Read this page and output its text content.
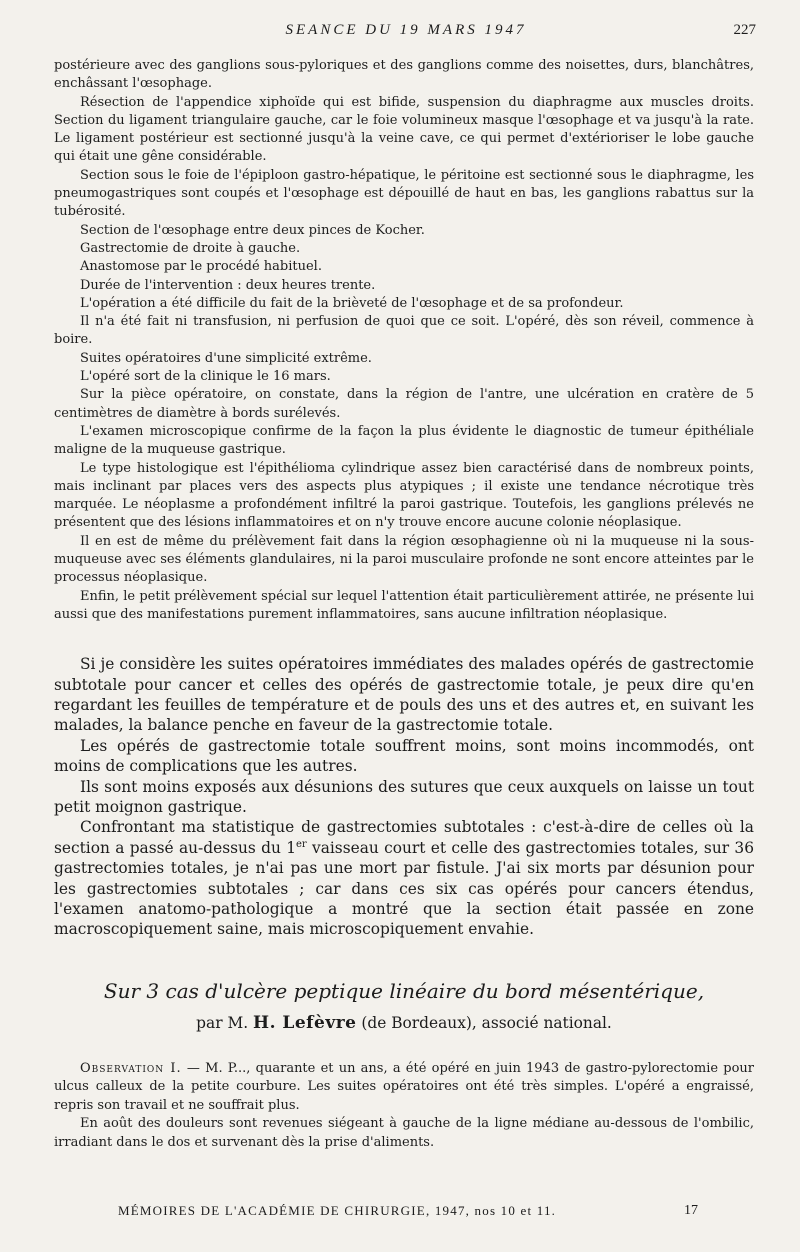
SEANCE DU 19 MARS 1947	227

postérieure avec des ganglions sous-pyloriques et des ganglions comme des noisettes, durs, blanchâtres, enchâssant l'œsophage.

Résection de l'appendice xiphoïde qui est bifide, suspension du diaphragme aux muscles droits. Section du ligament triangulaire gauche, car le foie volumineux masque l'œsophage et va jusqu'à la rate. Le ligament postérieur est sectionné jusqu'à la veine cave, ce qui permet d'extérioriser le lobe gauche qui était une gêne considérable.

Section sous le foie de l'épiploon gastro-hépatique, le péritoine est sectionné sous le diaphragme, les pneumogastriques sont coupés et l'œsophage est dépouillé de haut en bas, les ganglions rabattus sur la tubérosité.

Section de l'œsophage entre deux pinces de Kocher.

Gastrectomie de droite à gauche.

Anastomose par le procédé habituel.

Durée de l'intervention : deux heures trente.

L'opération a été difficile du fait de la brièveté de l'œsophage et de sa profondeur.

Il n'a été fait ni transfusion, ni perfusion de quoi que ce soit. L'opéré, dès son réveil, commence à boire.

Suites opératoires d'une simplicité extrême.

L'opéré sort de la clinique le 16 mars.

Sur la pièce opératoire, on constate, dans la région de l'antre, une ulcération en cratère de 5 centimètres de diamètre à bords surélevés.

L'examen microscopique confirme de la façon la plus évidente le diagnostic de tumeur épithéliale maligne de la muqueuse gastrique.

Le type histologique est l'épithélioma cylindrique assez bien caractérisé dans de nombreux points, mais inclinant par places vers des aspects plus atypiques ; il existe une tendance nécrotique très marquée. Le néoplasme a profondément infiltré la paroi gastrique. Toutefois, les ganglions prélevés ne présentent que des lésions inflammatoires et on n'y trouve encore aucune colonie néoplasique.

Il en est de même du prélèvement fait dans la région œsophagienne où ni la muqueuse ni la sous-muqueuse avec ses éléments glandulaires, ni la paroi musculaire profonde ne sont encore atteintes par le processus néoplasique.

Enfin, le petit prélèvement spécial sur lequel l'attention était particulièrement attirée, ne présente lui aussi que des manifestations purement inflammatoires, sans aucune infiltration néoplasique.

Si je considère les suites opératoires immédiates des malades opérés de gastrectomie subtotale pour cancer et celles des opérés de gastrectomie totale, je peux dire qu'en regardant les feuilles de température et de pouls des uns et des autres et, en suivant les malades, la balance penche en faveur de la gastrectomie totale.

Les opérés de gastrectomie totale souffrent moins, sont moins incommodés, ont moins de complications que les autres.

Ils sont moins exposés aux désunions des sutures que ceux auxquels on laisse un tout petit moignon gastrique.

Confrontant ma statistique de gastrectomies subtotales : c'est-à-dire de celles où la section a passé au-dessus du 1er vaisseau court et celle des gastrectomies totales, sur 36 gastrectomies totales, je n'ai pas une mort par fistule. J'ai six morts par désunion pour les gastrectomies subtotales ; car dans ces six cas opérés pour cancers étendus, l'examen anatomo-pathologique a montré que la section était passée en zone macroscopiquement saine, mais microscopiquement envahie.

Sur 3 cas d'ulcère peptique linéaire du bord mésentérique,
par M. H. Lefèvre (de Bordeaux), associé national.

Observation I. — M. P..., quarante et un ans, a été opéré en juin 1943 de gastro-pylorectomie pour ulcus calleux de la petite courbure. Les suites opératoires ont été très simples. L'opéré a engraissé, repris son travail et ne souffrait plus.

En août des douleurs sont revenues siégeant à gauche de la ligne médiane au-dessous de l'ombilic, irradiant dans le dos et survenant dès la prise d'aliments.

MÉMOIRES DE L'ACADÉMIE DE CHIRURGIE, 1947, nos 10 et 11.	17
